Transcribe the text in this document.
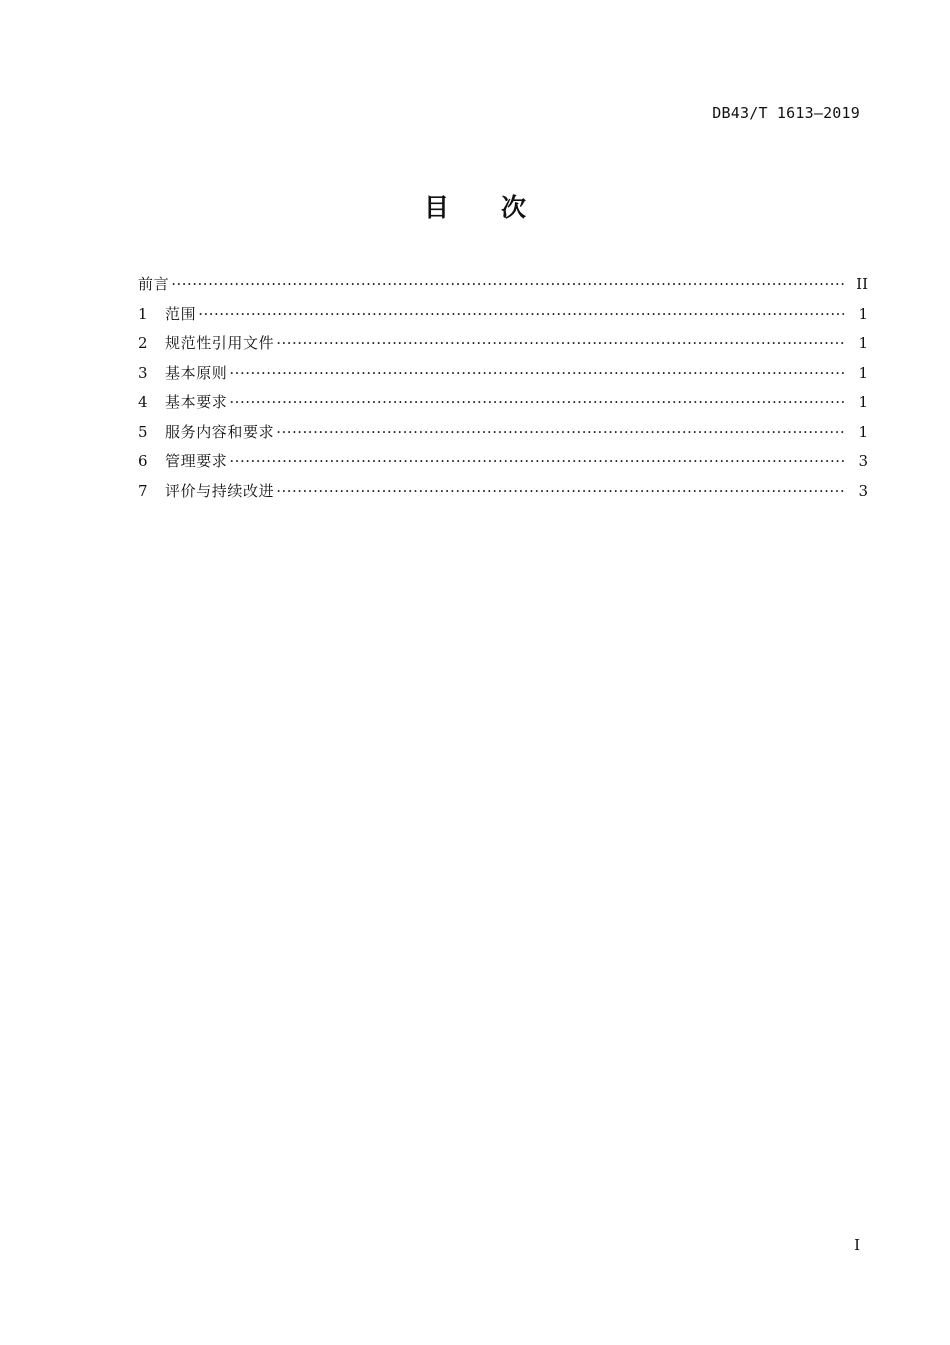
DB43/T 1613—2019
目 次
前言 ·····	II
1	范围 ·····	1
2	规范性引用文件 ·····	1
3	基本原则 ·····	1
4	基本要求 ·····	1
5	服务内容和要求 ·····	1
6	管理要求 ·····	3
7	评价与持续改进 ·····	3
I
